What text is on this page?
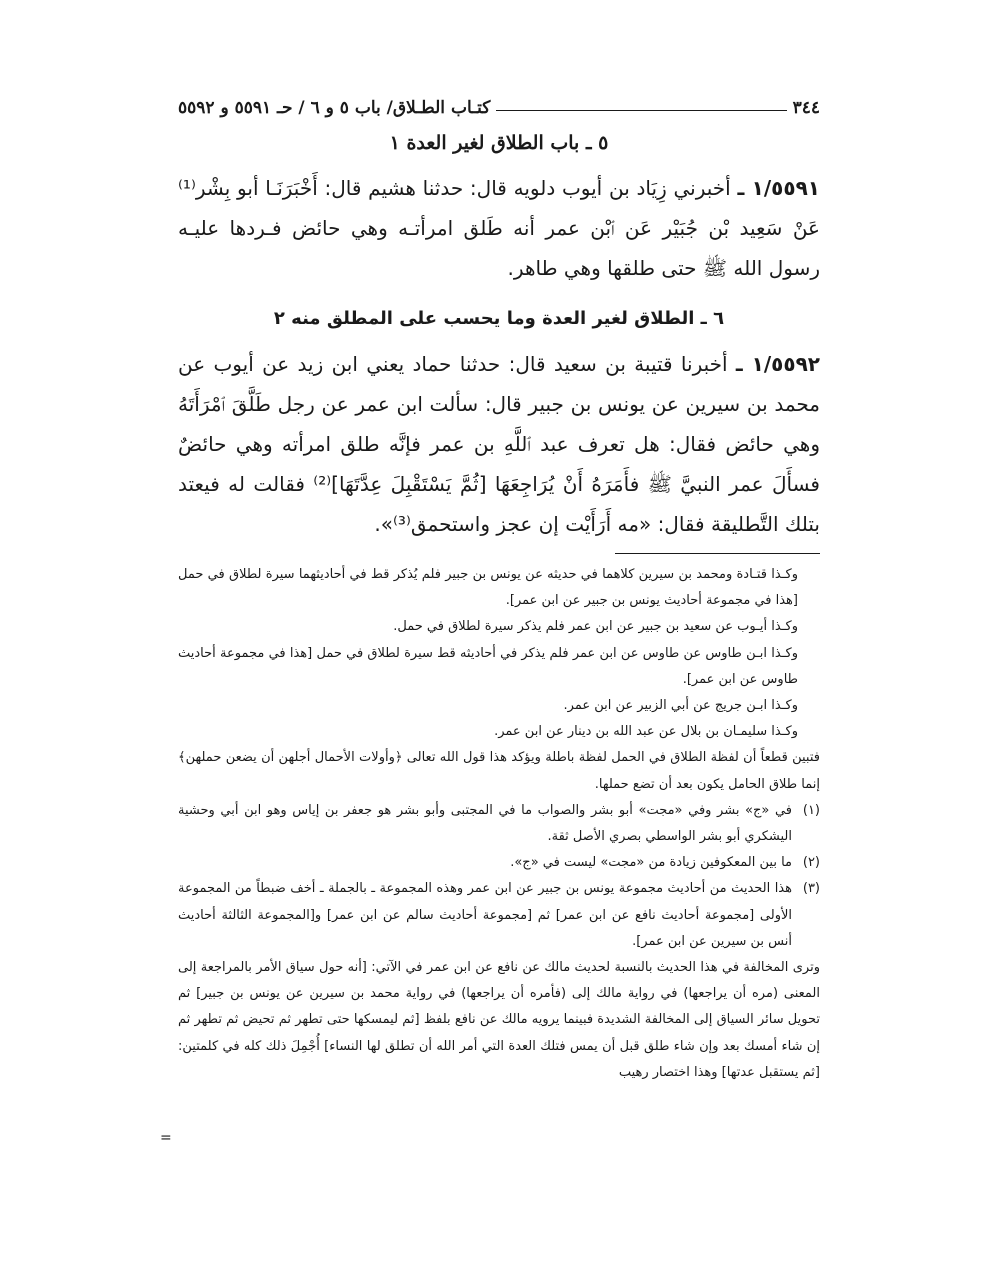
٣٤٤
كتـاب الطـلاق/ باب ٥ و ٦ / حـ ٥٥٩١ و ٥٥٩٢
٥ ـ باب الطلاق لغير العدة ١

١/٥٥٩١ ـ أخبرني زِيَاد بن أيوب دلويه قال: حدثنا هشيم قال: أَخْبَرَنَـا أبو بِشْر⁽¹⁾ عَنْ سَعِيد بْن جُبَيْر عَن ٱبْن عمر أنه طَلق امرأتـه وهي حائض فـردها عليـه رسول الله ﷺ حتى طلقها وهي طاهر.

٦ ـ الطلاق لغير العدة وما يحسب على المطلق منه ٢

١/٥٥٩٢ ـ أخبرنا قتيبة بن سعيد قال: حدثنا حماد يعني ابن زيد عن أيوب عن محمد بن سيرين عن يونس بن جبير قال: سألت ابن عمر عن رجل طَلَّقَ ٱمْرَأَتَهُ وهي حائض فقال: هل تعرف عبد ٱللَّهِ بن عمر فإنَّه طلق امرأته وهي حائضٌ فسأَلَ عمر النبيَّ ﷺ فأَمَرَهُ أَنْ يُرَاجِعَهَا [ثُمَّ يَسْتَقْبِلَ عِدَّتَهَا]⁽²⁾ فقالت له فيعتد بتلك التَّطليقة فقال: «مه أَرَأَيْت إن عجز واستحمق⁽³⁾».

وكـذا قتـادة ومحمد بن سيرين كلاهما في حديثه عن يونس بن جبير فلم يُذكر قط في أحاديثهما سيرة لطلاق في حمل [هذا في مجموعة أحاديث يونس بن جبير عن ابن عمر].

وكـذا أيـوب عن سعيد بن جبير عن ابن عمر فلم يذكر سيرة لطلاق في حمل.

وكـذا ابـن طاوس عن طاوس عن ابن عمر فلم يذكر في أحاديثه قط سيرة لطلاق في حمل [هذا في مجموعة أحاديث طاوس عن ابن عمر].

وكـذا ابـن جريج عن أبي الزبير عن ابن عمر.

وكـذا سليمـان بن بلال عن عبد الله بن دينار عن ابن عمر.

فتبين قطعاً أن لفظة الطلاق في الحمل لفظة باطلة ويؤكد هذا قول الله تعالى ﴿وأولات الأحمال أجلهن أن يضعن حملهن﴾ إنما طلاق الحامل يكون بعد أن تضع حملها.

(١)
في «ج» بشر وفي «مجت» أبو بشر والصواب ما في المجتبى وأبو بشر هو جعفر بن إياس وهو ابن أبي وحشية اليشكري أبو بشر الواسطي بصري الأصل ثقة.
(٢)
ما بين المعكوفين زيادة من «مجت» ليست في «ج».
(٣)
هذا الحديث من أحاديث مجموعة يونس بن جبير عن ابن عمر وهذه المجموعة ـ بالجملة ـ أخف ضبطاً من المجموعة الأولى [مجموعة أحاديث نافع عن ابن عمر] ثم [مجموعة أحاديث سالم عن ابن عمر] و[المجموعة الثالثة أحاديث أنس بن سيرين عن ابن عمر].

وترى المخالفة في هذا الحديث بالنسبة لحديث مالك عن نافع عن ابن عمر في الآتي: [أنه حول سياق الأمر بالمراجعة إلى المعنى (مره أن يراجعها) في رواية مالك إلى (فأمره أن يراجعها) في رواية محمد بن سيرين عن يونس بن جبير] ثم تحويل سائر السياق إلى المخالفة الشديدة فبينما يرويه مالك عن نافع بلفظ [ثم ليمسكها حتى تطهر ثم تحيض ثم تطهر ثم إن شاء أمسك بعد وإن شاء طلق قبل أن يمس فتلك العدة التي أمر الله أن تطلق لها النساء] أُجْمِلَ ذلك كله في كلمتين: [ثم يستقبل عدتها] وهذا اختصار رهيب

=
